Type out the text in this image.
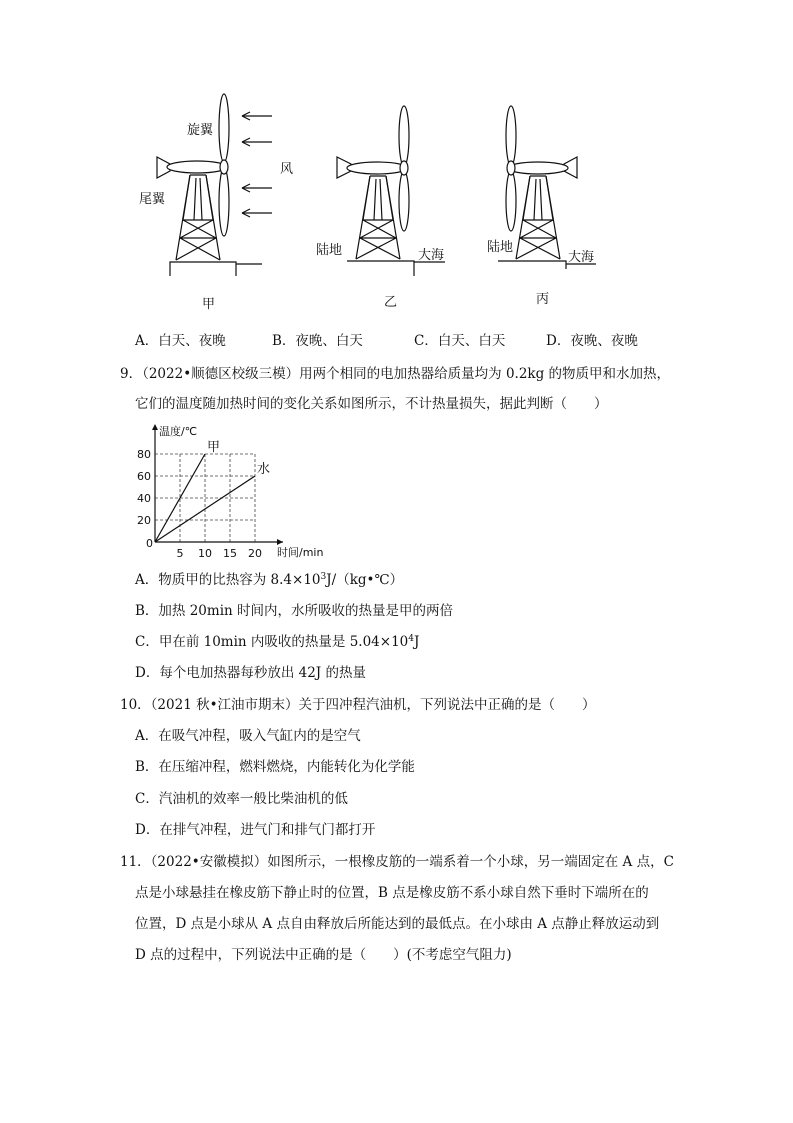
旋翼
尾翼
风
陆地	大海
陆地
大海
甲	乙	丙
A．白天、夜晚	B．夜晚、白天	C．白天、白天	D．夜晚、夜晚
9．（2022•顺德区校级三模）用两个相同的电加热器给质量均为 0.2kg 的物质甲和水加热，
它们的温度随加热时间的变化关系如图所示，不计热量损失，据此判断（　　）
0
5 10 15 20
20
40
60
80
温度/℃
时间/min
甲
水
A．物质甲的比热容为 $8.4\times 10^3J/(kg•℃)$
B．加热 20min 时间内，水所吸收的热量是甲的两倍
C．甲在前 10min 内吸收的热量是 $5.04\times 10^4J$
D．每个电加热器每秒放出 42J 的热量
10．（2021 秋•江油市期末）关于四冲程汽油机，下列说法中正确的是（　　）
A．在吸气冲程，吸入气缸内的是空气
B．在压缩冲程，燃料燃烧，内能转化为化学能
C．汽油机的效率一般比柴油机的低
D．在排气冲程，进气门和排气门都打开
11．（2022•安徽模拟）如图所示，一根橡皮筋的一端系着一个小球，另一端固定在 A 点，C
点是小球悬挂在橡皮筋下静止时的位置，B 点是橡皮筋不系小球自然下垂时下端所在的
位置，D 点是小球从 A 点自由释放后所能达到的最低点。在小球由 A 点静止释放运动到
D 点的过程中，下列说法中正确的是（　　）(不考虑空气阻力)
